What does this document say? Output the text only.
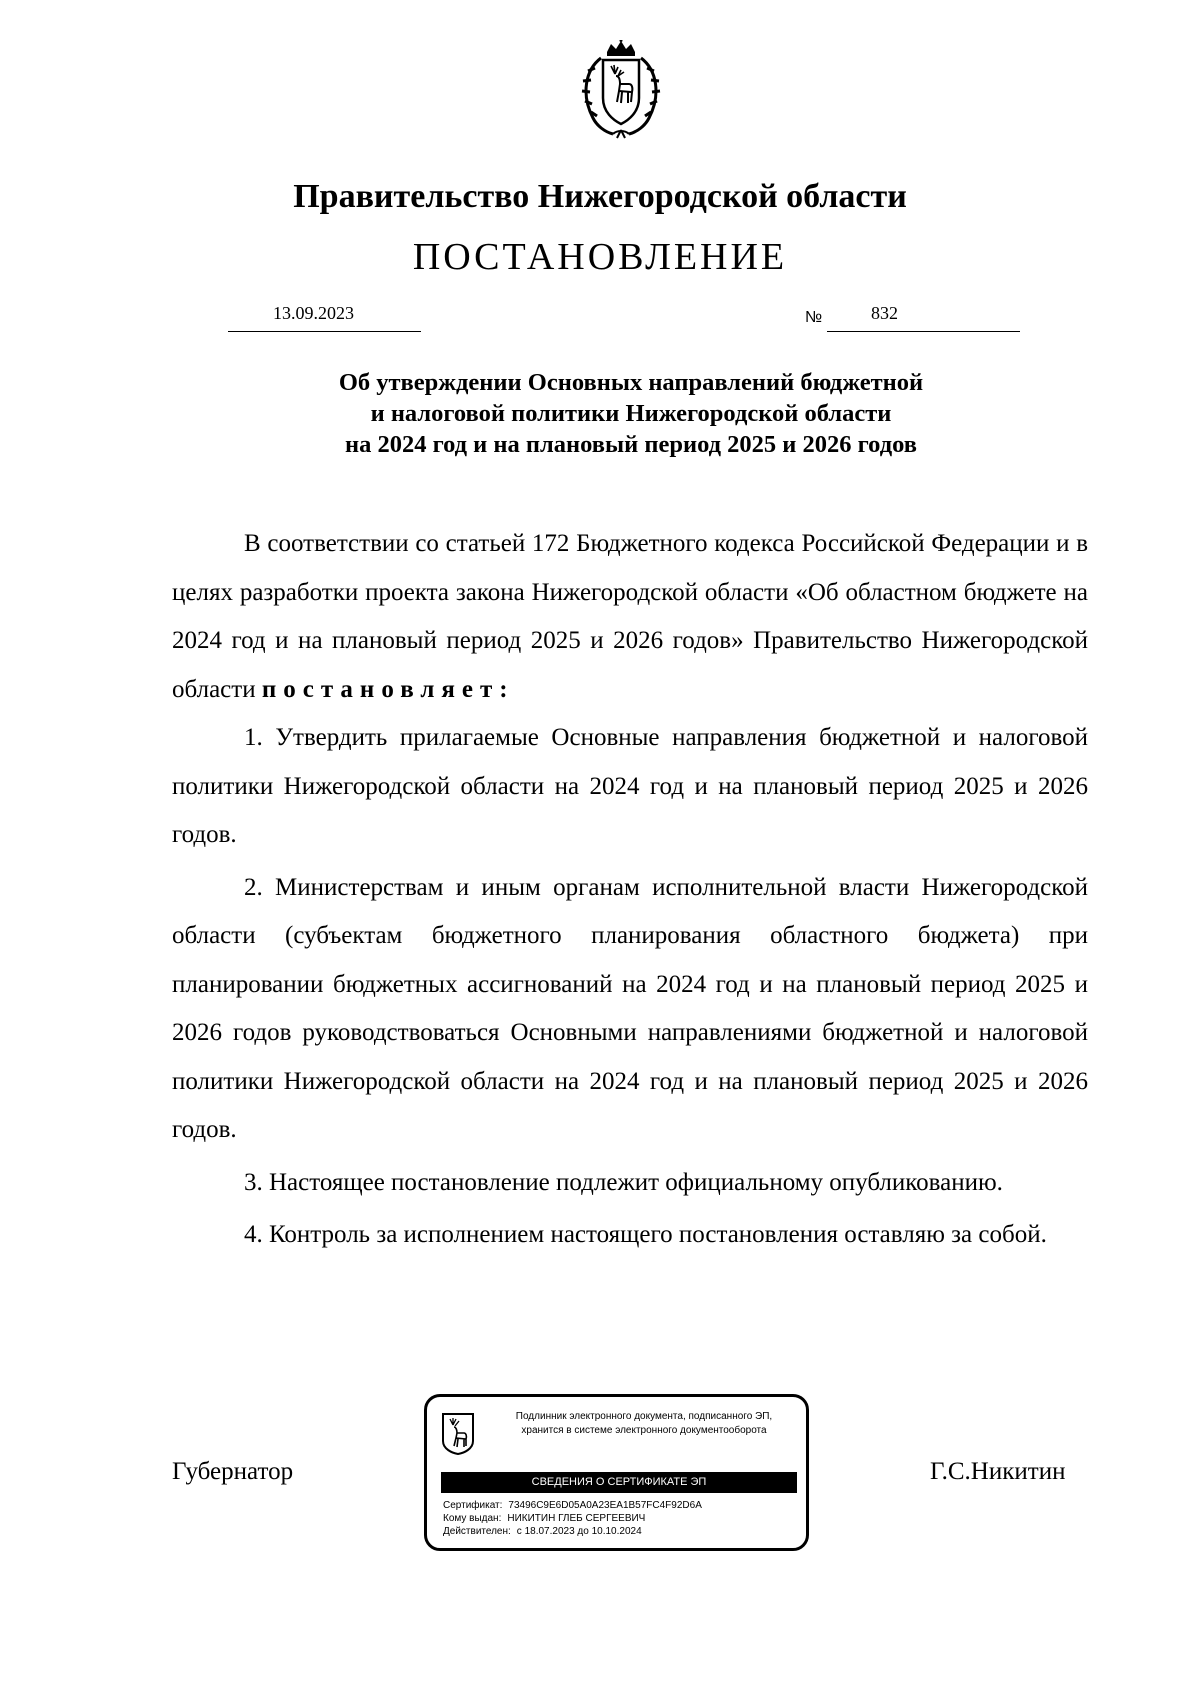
Правительство Нижегородской области
ПОСТАНОВЛЕНИЕ
13.09.2023	№	832
Об утверждении Основных направлений бюджетной
и налоговой политики Нижегородской области
на 2024 год и на плановый период 2025 и 2026 годов

В соответствии со статьей 172 Бюджетного кодекса Российской Федерации и в целях разработки проекта закона Нижегородской области «Об областном бюджете на 2024 год и на плановый период 2025 и 2026 годов» Правительство Нижегородской области постановляет:

1. Утвердить прилагаемые Основные направления бюджетной и налоговой политики Нижегородской области на 2024 год и на плановый период 2025 и 2026 годов.

2. Министерствам и иным органам исполнительной власти Нижегородской области (субъектам бюджетного планирования областного бюджета) при планировании бюджетных ассигнований на 2024 год и на плановый период 2025 и 2026 годов руководствоваться Основными направлениями бюджетной и налоговой политики Нижегородской области на 2024 год и на плановый период 2025 и 2026 годов.

3. Настоящее постановление подлежит официальному опубликованию.

4. Контроль за исполнением настоящего постановления оставляю за собой.

Губернатор	Г.С.Никитин
Подлинник электронного документа, подписанного ЭП,
хранится в системе электронного документооборота
СВЕДЕНИЯ О СЕРТИФИКАТЕ ЭП
Сертификат: 73496C9E6D05A0A23EA1B57FC4F92D6A
Кому выдан: НИКИТИН ГЛЕБ СЕРГЕЕВИЧ
Действителен: с 18.07.2023 до 10.10.2024
